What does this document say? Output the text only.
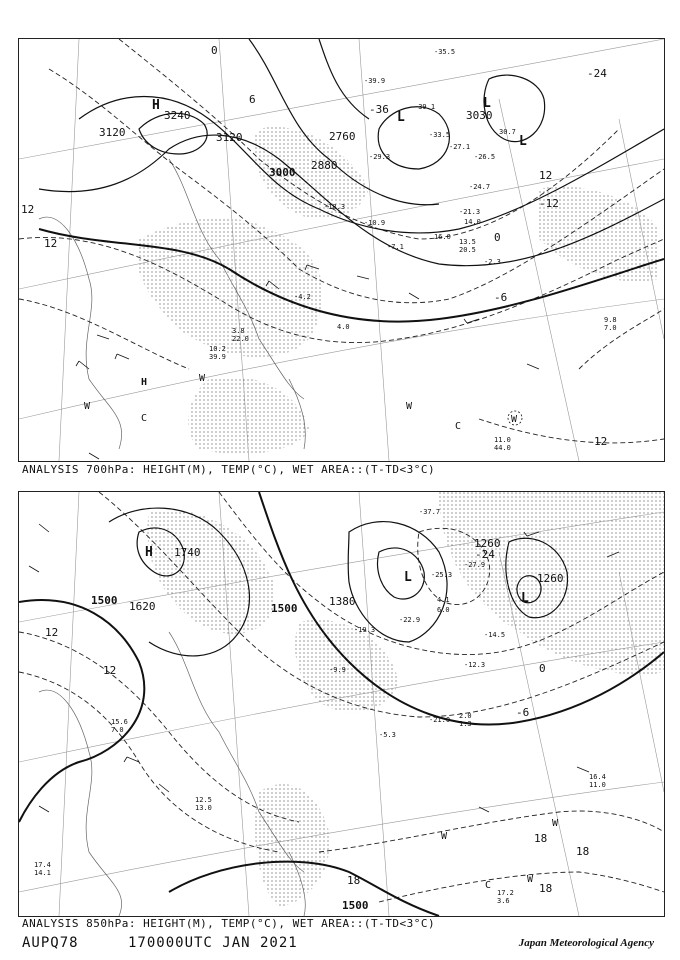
3120
3240
3120
3000
2880
2760
3030
12
12	0
-6
-12
-24
-36
12
12
6
0
H
H
L
L
L
W
W	W
C
C
W
11.0
44.0
9.8
7.0
3.8
22.0
10.2
39.9
13.5
20.5
-7.1
4.0
-2.3
-33.5
-39.1
-27.1
-26.5
-21.3
14.0
16.0
-29.3
-24.7
-18.3
-10.9
-4.2
30.7
-35.5
-39.9
ANALYSIS 700hPa: HEIGHT(M), TEMP(°C), WET AREA::(T-TD<3°C)
1500 1620
1740
1500
1380
1260
1260
1500
12
12
18
18
18
18
0
-6
-24
H
L
L
W
W
C
W
16.4
11.0
17.2
3.6
12.5
13.0
15.6
7.0
17.4
14.1
-12.3
-14.5
-21.0
-25.3
-27.9
2.0
1.3
-5.3
-9.9
-19.3
-22.9
-37.7
4.1
6.0
ANALYSIS 850hPa: HEIGHT(M), TEMP(°C), WET AREA::(T-TD<3°C)
AUPQ78	170000UTC JAN 2021	Japan Meteorological Agency
